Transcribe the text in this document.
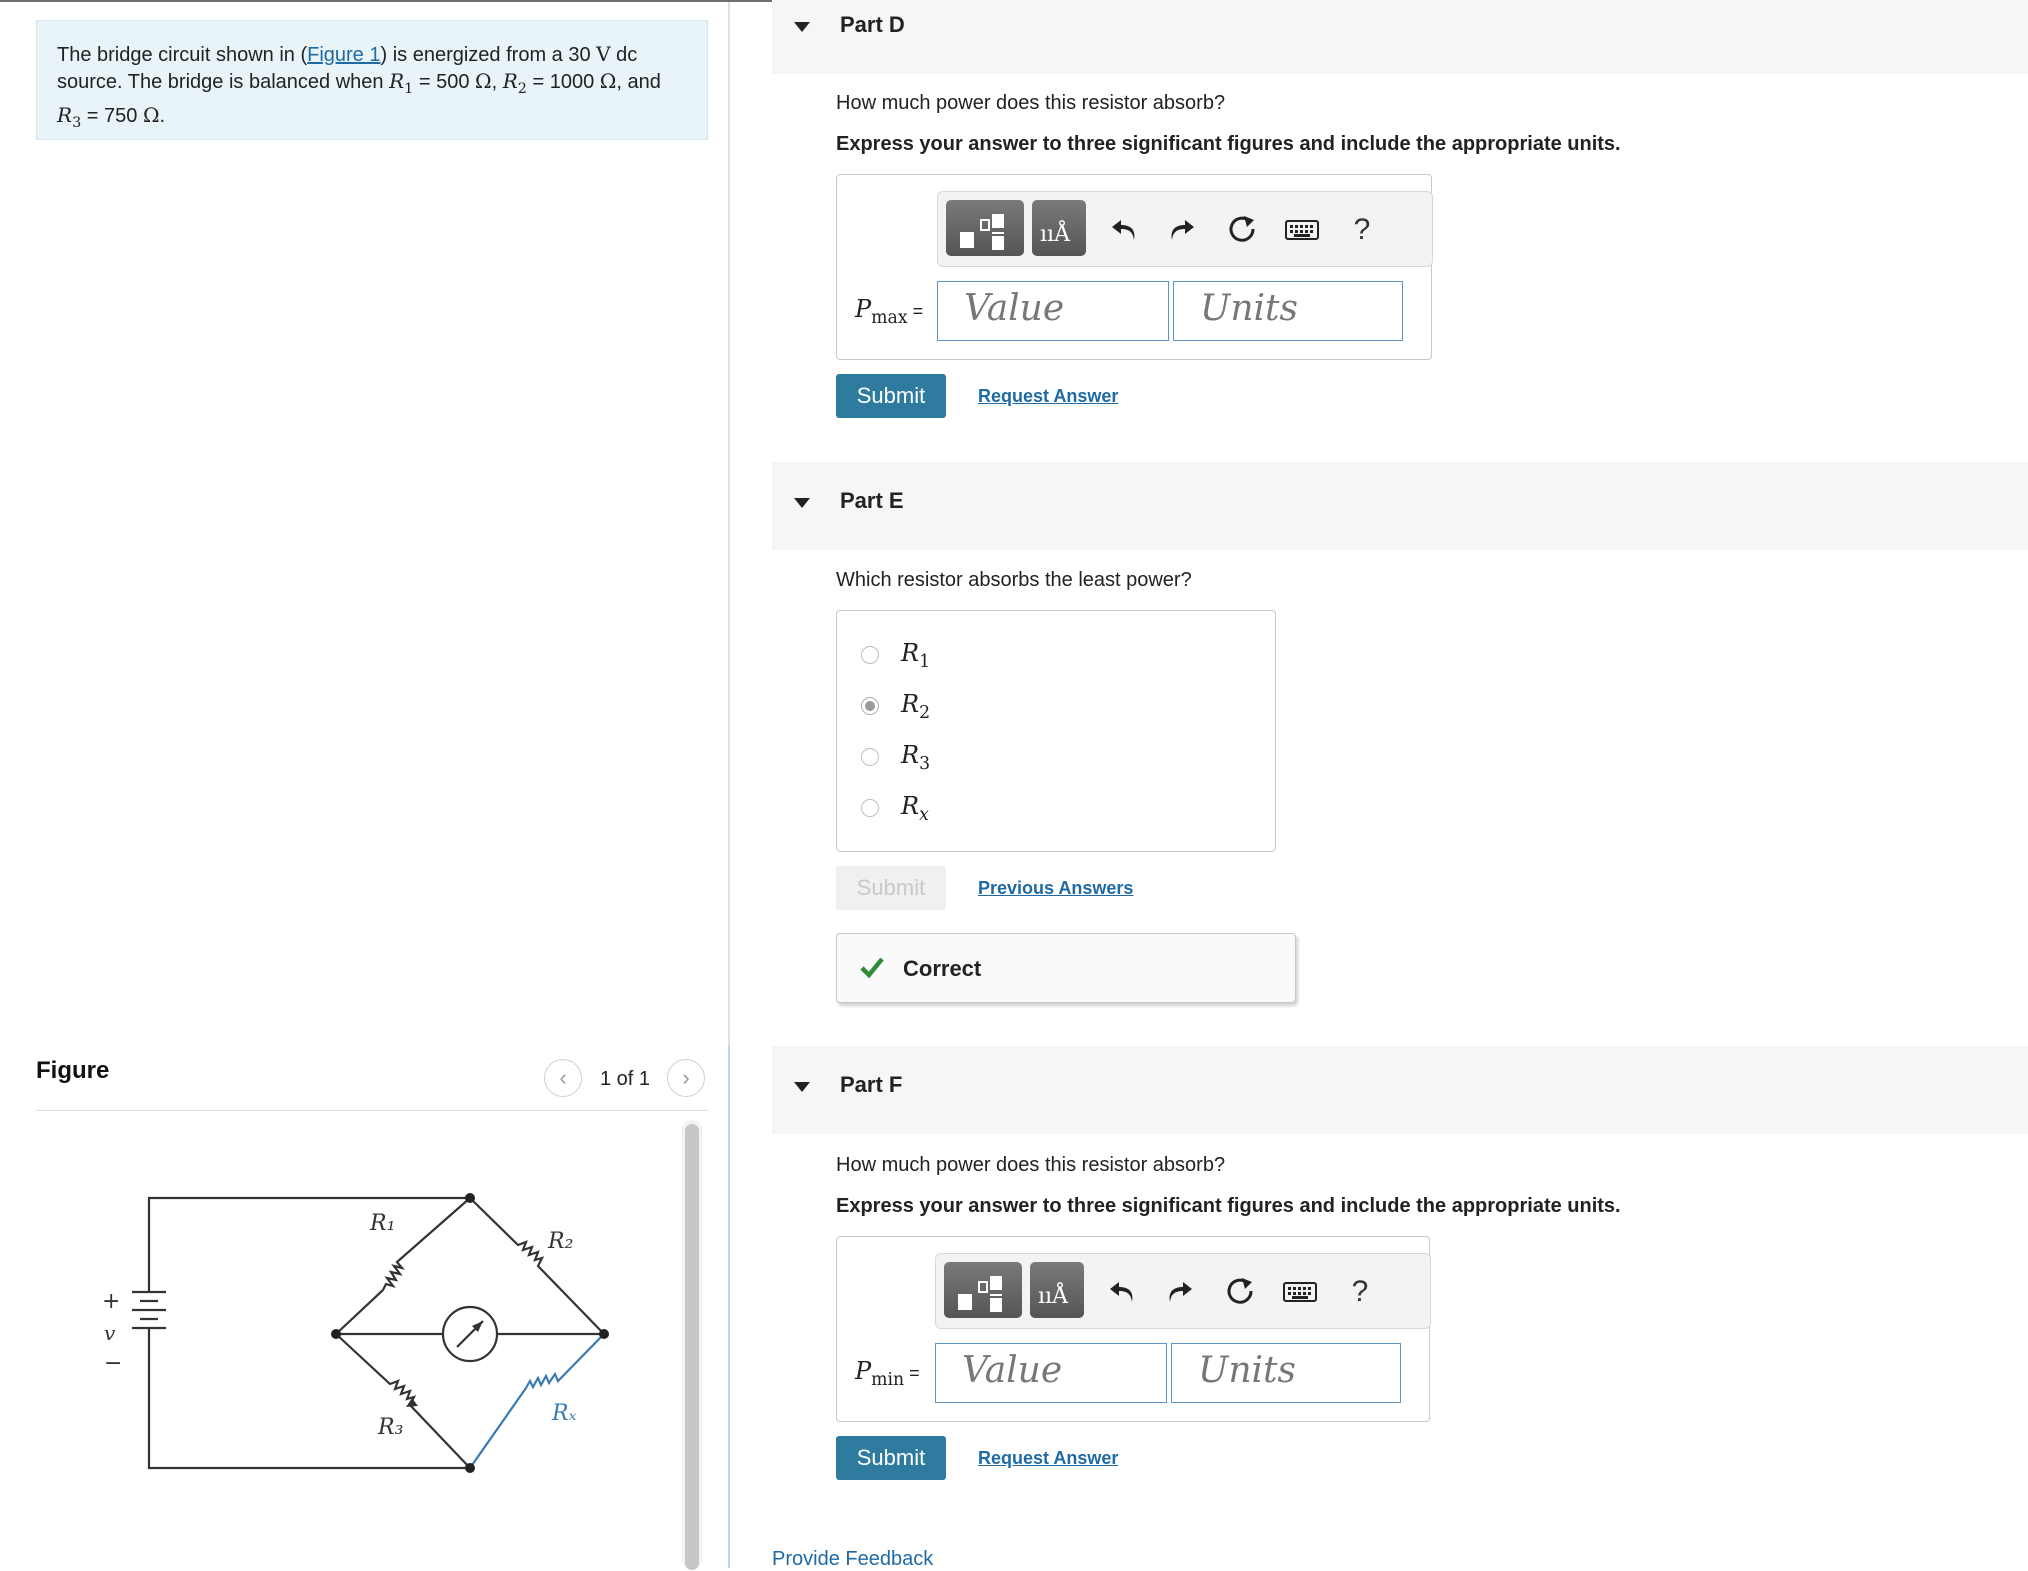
The bridge circuit shown in (Figure 1) is energized from a 30 V dc source. The bridge is balanced when $R_1 = 500$ Ω, $R_2 = 1000$ Ω, and $R_3 = 750$ Ω.
Figure	‹ 1 of 1 ›
R₁
R₂
R₃
Rₓ
v
+
−
Part D
How much power does this resistor absorb?
Express your answer to three significant figures and include the appropriate units.
ııÅ	?
$P_{max}$ =	Value	Units
Submit	Request Answer
Part E
Which resistor absorbs the least power?
$R_1$
$R_2$
$R_3$
$R_x$
Submit	Previous Answers
Correct
Part F
How much power does this resistor absorb?
Express your answer to three significant figures and include the appropriate units.
ııÅ	?
$P_{min}$ =	Value	Units
Submit	Request Answer
Provide Feedback
